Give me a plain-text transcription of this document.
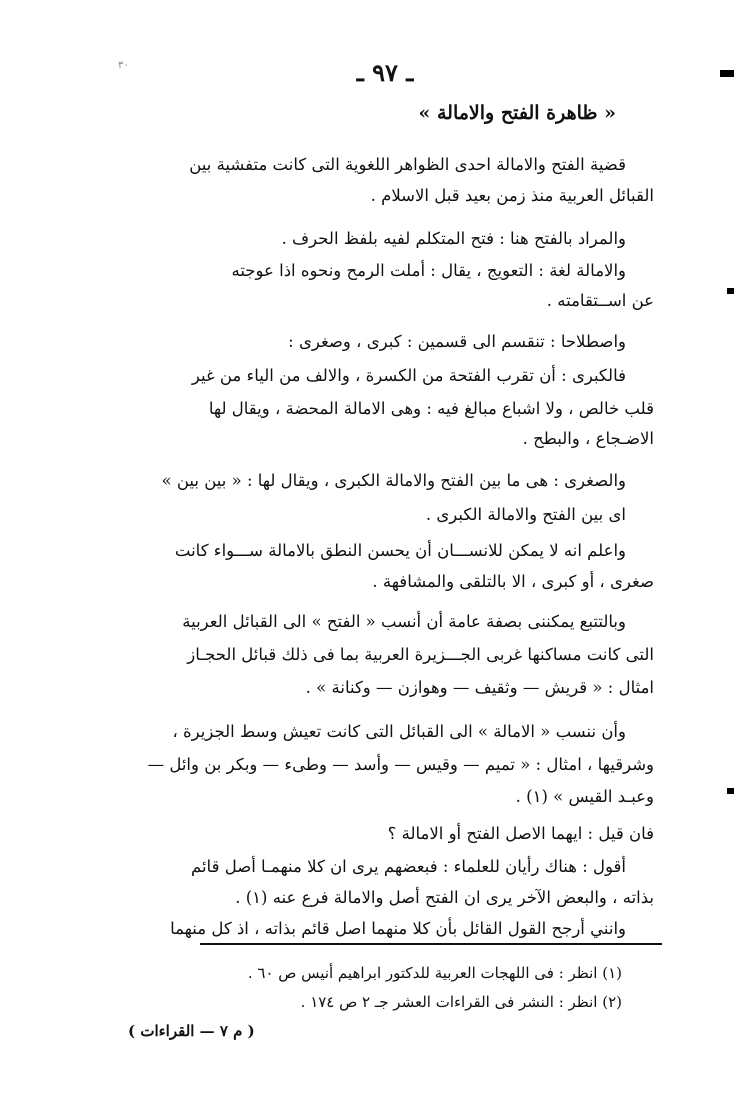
٣٠	ـ ٩٧ ـ
« ظاهرة الفتح والامالة »
قضية الفتح والامالة احدى الظواهر اللغوية التى كانت متفشية بين
القبائل العربية منذ زمن بعيد قبل الاسلام .
والمراد بالفتح هنا : فتح المتكلم لفيه بلفظ الحرف .
والامالة لغة : التعويج ، يقال : أملت الرمح ونحوه اذا عوجته
عن اســتقامته .
واصطلاحا : تنقسم الى قسمين : كبرى ، وصغرى :
فالكبرى : أن تقرب الفتحة من الكسرة ، والالف من الياء من غير
قلب خالص ، ولا اشباع مبالغ فيه : وهى الامالة المحضة ، ويقال لها
الاضـجاع ، والبطح .
والصغرى : هى ما بين الفتح والامالة الكبرى ، ويقال لها : « بين بين »
اى بين الفتح والامالة الكبرى .
واعلم انه لا يمكن للانســـان أن يحسن النطق بالامالة ســـواء كانت
صغرى ، أو كبرى ، الا بالتلقى والمشافهة .
وبالتتبع يمكننى بصفة عامة أن أنسب « الفتح » الى القبائل العربية
التى كانت مساكنها غربى الجـــزيرة العربية بما فى ذلك قبائل الحجـاز
امثال : « قريش — وثقيف — وهوازن — وكنانة » .
وأن ننسب « الامالة » الى القبائل التى كانت تعيش وسط الجزيرة ،
وشرقيها ، امثال : « تميم — وقيس — وأسد — وطىء — وبكر بن وائل —
وعبـد القيس » (١) .
فان قيل : ايهما الاصل الفتح أو الامالة ؟
أقول : هناك رأيان للعلماء : فبعضهم يرى ان كلا منهمـا أصل قائم
بذاته ، والبعض الآخر يرى ان الفتح أصل والامالة فرع عنه (١) .
وانني أرجح القول القائل بأن كلا منهما اصل قائم بذاته ، اذ كل منهما
(١) انظر : فى اللهجات العربية للدكتور ابراهيم أنيس ص ٦٠ .
(٢) انظر : النشر فى القراءات العشر جـ ٢ ص ١٧٤ .
( م ٧ — القراءات )
